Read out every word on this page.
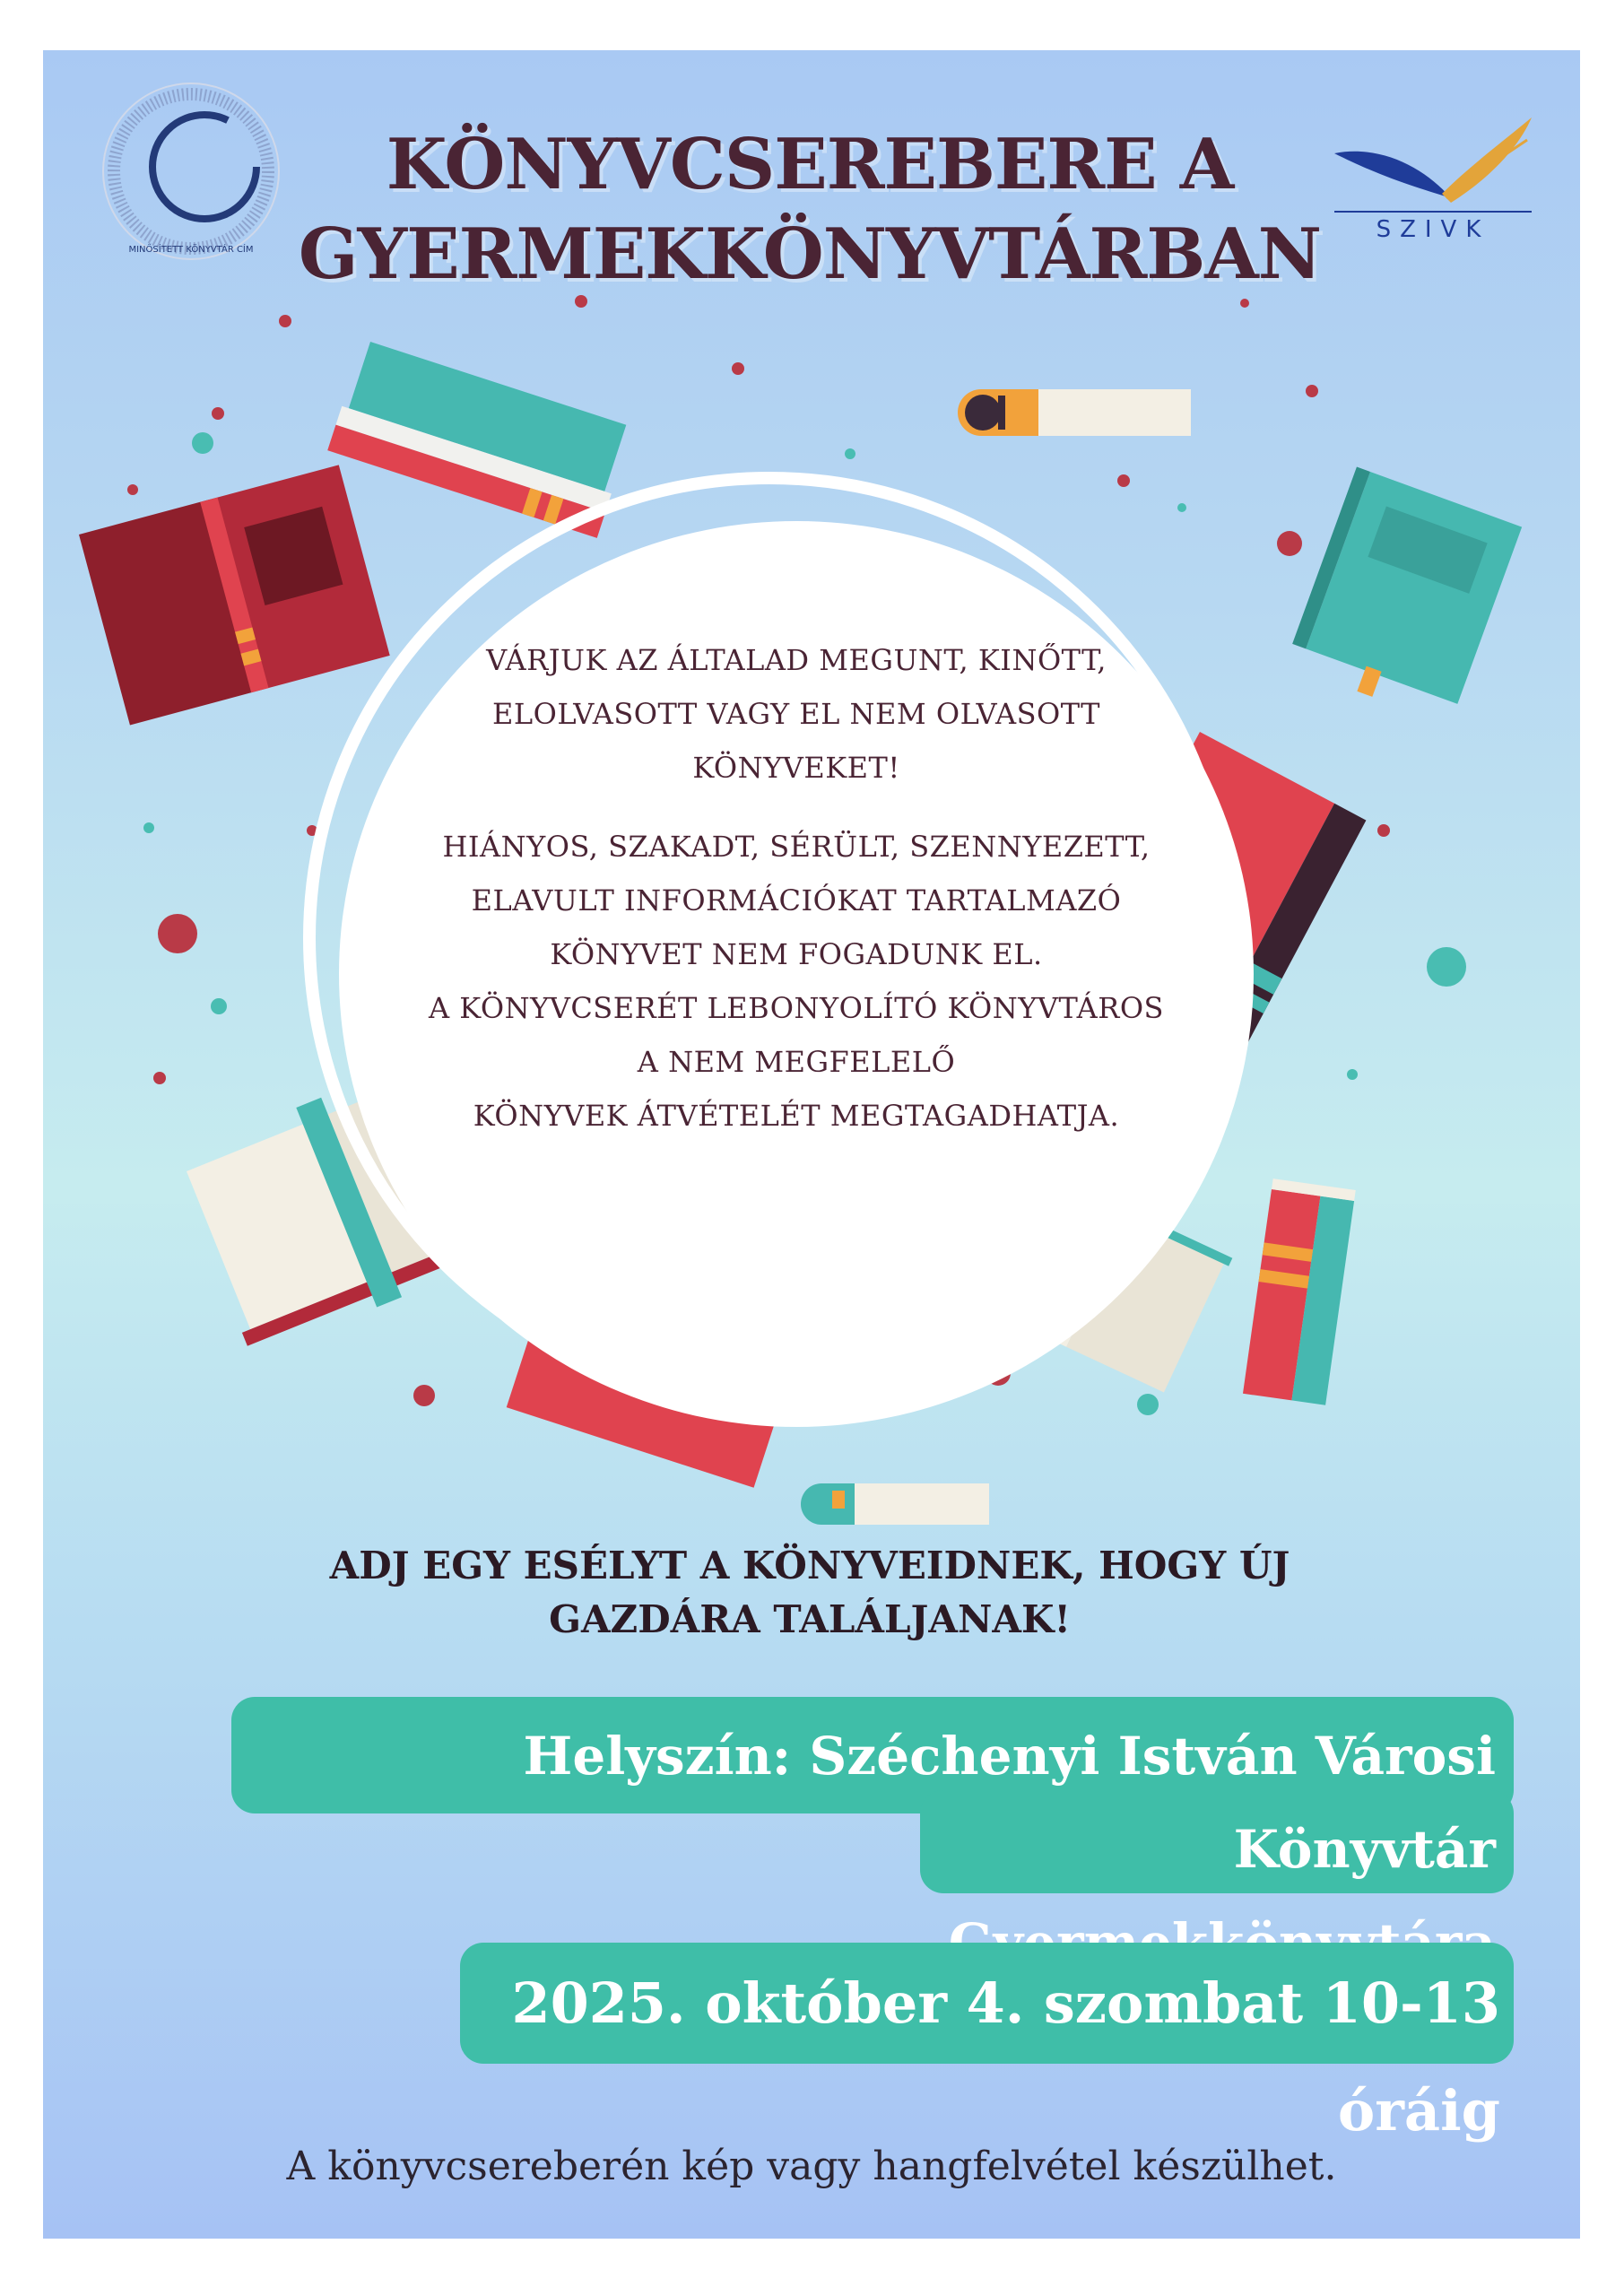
MINŐSÍTETT KÖNYVTÁR CÍM
SZIVK
KÖNYVCSEREBERE A
GYERMEKKÖNYVTÁRBAN

VÁRJUK AZ ÁLTALAD MEGUNT, KINŐTT,

ELOLVASOTT VAGY EL NEM OLVASOTT

KÖNYVEKET!

HIÁNYOS, SZAKADT, SÉRÜLT, SZENNYEZETT,

ELAVULT INFORMÁCIÓKAT TARTALMAZÓ

KÖNYVET NEM FOGADUNK EL.

A KÖNYVCSERÉT LEBONYOLÍTÓ KÖNYVTÁROS

A NEM MEGFELELŐ

KÖNYVEK ÁTVÉTELÉT MEGTAGADHATJA.

ADJ EGY ESÉLYT A KÖNYVEIDNEK, HOGY ÚJ
GAZDÁRA TALÁLJANAK!
Helyszín: Széchenyi István Városi Könyvtár
2025. október 4. szombat 10-13 óráig
A könyvcsereberén kép vagy hangfelvétel készülhet.
